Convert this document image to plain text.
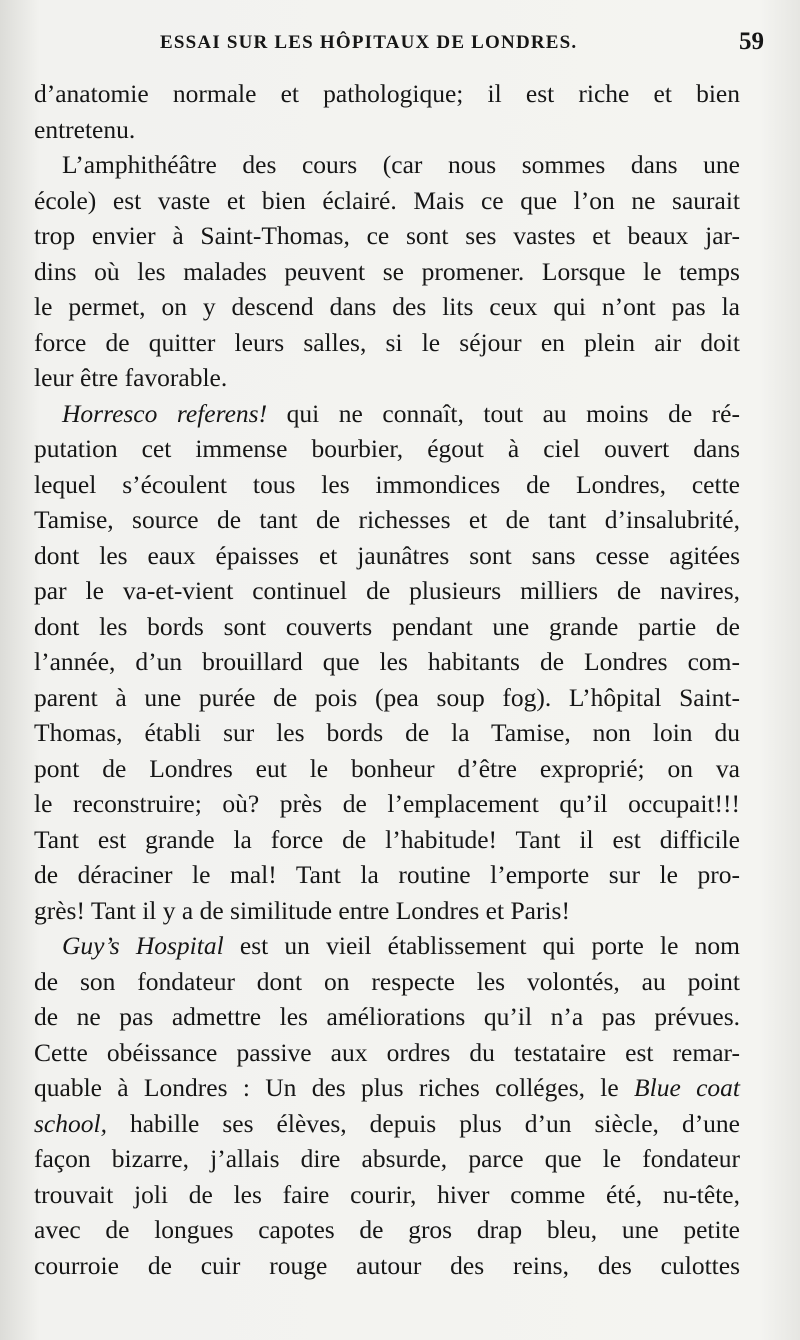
ESSAI SUR LES HÔPITAUX DE LONDRES.	59
d’anatomie normale et pathologique; il est riche et bien
entretenu.
L’amphithéâtre des cours (car nous sommes dans une
école) est vaste et bien éclairé. Mais ce que l’on ne saurait
trop envier à Saint-Thomas, ce sont ses vastes et beaux jar-
dins où les malades peuvent se promener. Lorsque le temps
le permet, on y descend dans des lits ceux qui n’ont pas la
force de quitter leurs salles, si le séjour en plein air doit
leur être favorable.
Horresco referens! qui ne connaît, tout au moins de ré-
putation cet immense bourbier, égout à ciel ouvert dans
lequel s’écoulent tous les immondices de Londres, cette
Tamise, source de tant de richesses et de tant d’insalubrité,
dont les eaux épaisses et jaunâtres sont sans cesse agitées
par le va-et-vient continuel de plusieurs milliers de navires,
dont les bords sont couverts pendant une grande partie de
l’année, d’un brouillard que les habitants de Londres com-
parent à une purée de pois (pea soup fog). L’hôpital Saint-
Thomas, établi sur les bords de la Tamise, non loin du
pont de Londres eut le bonheur d’être exproprié; on va
le reconstruire; où? près de l’emplacement qu’il occupait!!!
Tant est grande la force de l’habitude! Tant il est difficile
de déraciner le mal! Tant la routine l’emporte sur le pro-
grès! Tant il y a de similitude entre Londres et Paris!
Guy’s Hospital est un vieil établissement qui porte le nom
de son fondateur dont on respecte les volontés, au point
de ne pas admettre les améliorations qu’il n’a pas prévues.
Cette obéissance passive aux ordres du testataire est remar-
quable à Londres : Un des plus riches colléges, le Blue coat
school, habille ses élèves, depuis plus d’un siècle, d’une
façon bizarre, j’allais dire absurde, parce que le fondateur
trouvait joli de les faire courir, hiver comme été, nu-tête,
avec de longues capotes de gros drap bleu, une petite
courroie de cuir rouge autour des reins, des culottes
